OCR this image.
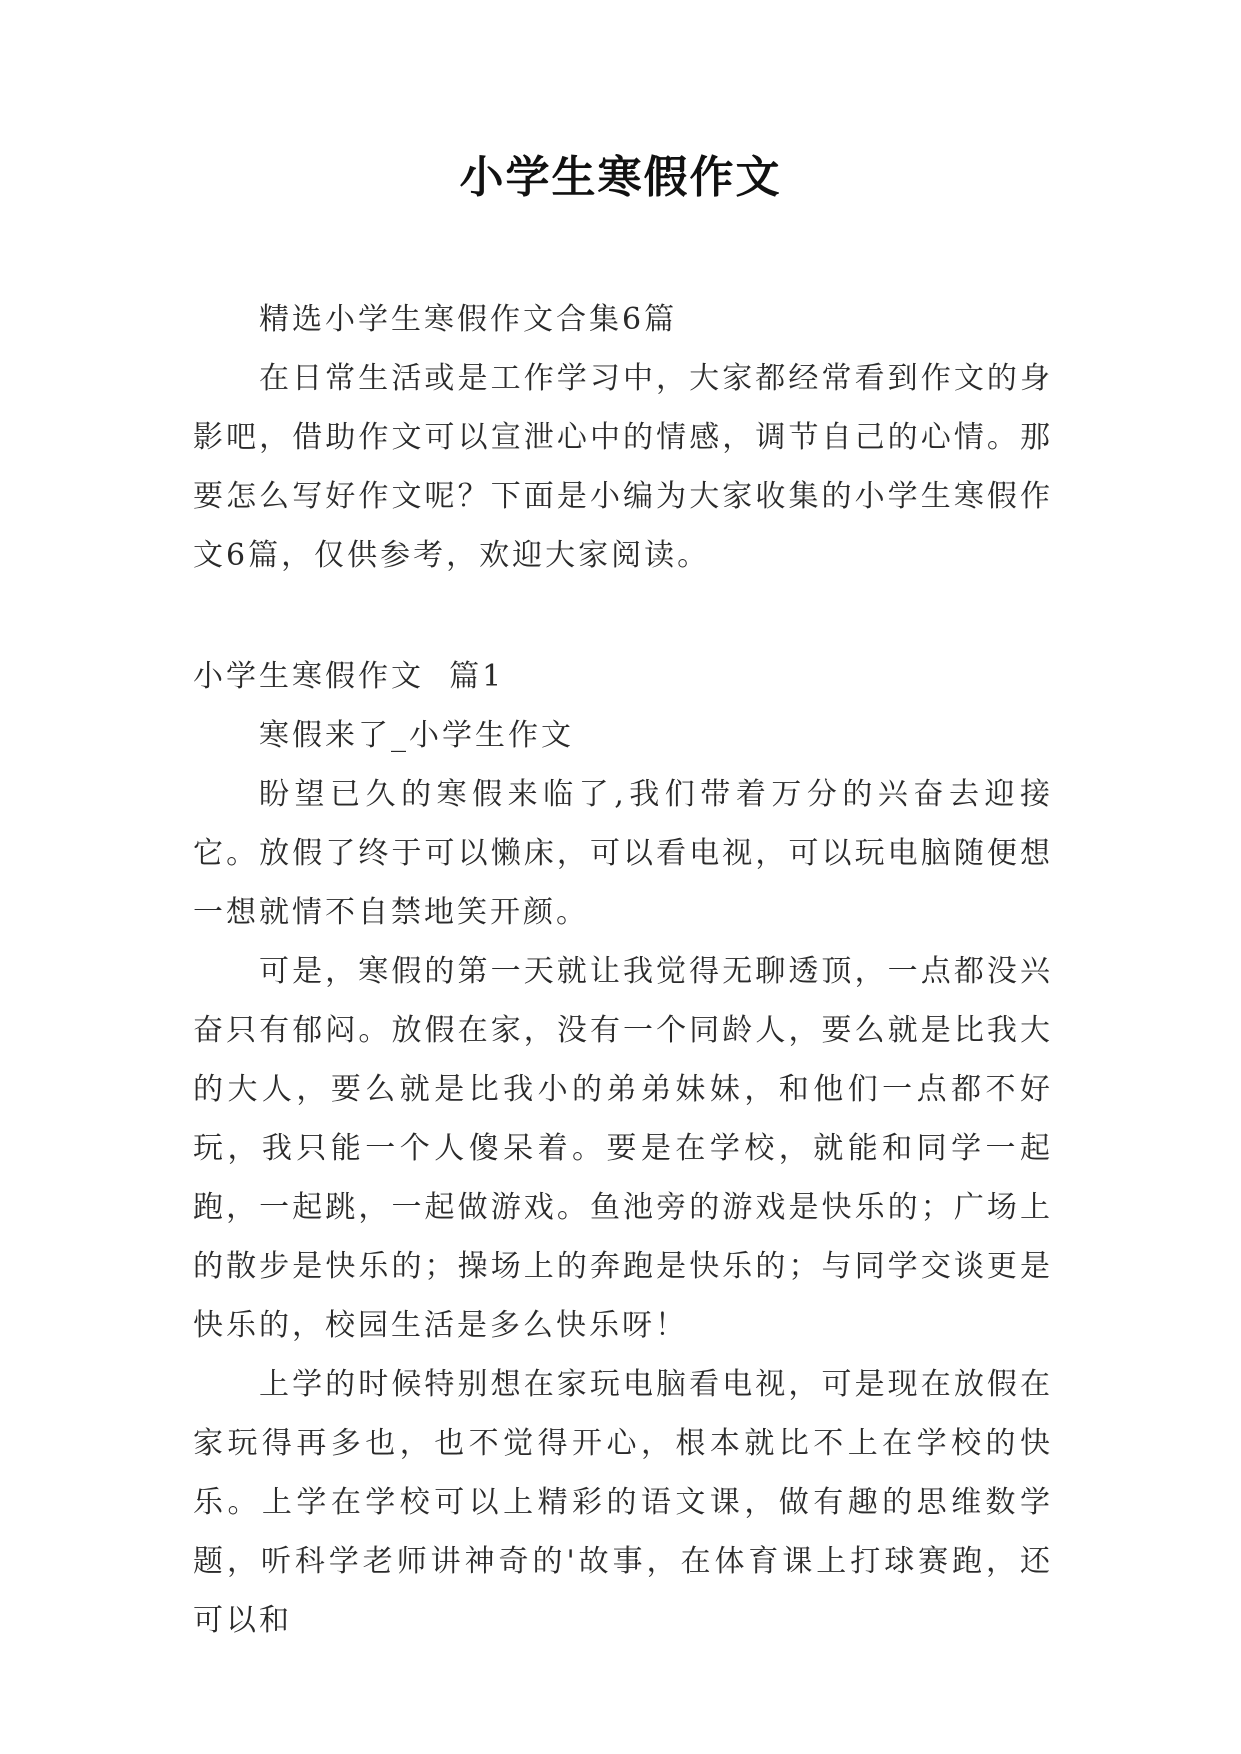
小学生寒假作文

精选小学生寒假作文合集6篇

在日常生活或是工作学习中，大家都经常看到作文的身影吧，借助作文可以宣泄心中的情感，调节自己的心情。那要怎么写好作文呢？下面是小编为大家收集的小学生寒假作文6篇，仅供参考，欢迎大家阅读。

小学生寒假作文  篇1

寒假来了_小学生作文

盼望已久的寒假来临了,我们带着万分的兴奋去迎接它。放假了终于可以懒床，可以看电视，可以玩电脑随便想一想就情不自禁地笑开颜。

可是，寒假的第一天就让我觉得无聊透顶，一点都没兴奋只有郁闷。放假在家，没有一个同龄人，要么就是比我大的大人，要么就是比我小的弟弟妹妹，和他们一点都不好玩，我只能一个人傻呆着。要是在学校，就能和同学一起跑，一起跳，一起做游戏。鱼池旁的游戏是快乐的；广场上的散步是快乐的；操场上的奔跑是快乐的；与同学交谈更是快乐的，校园生活是多么快乐呀！

上学的时候特别想在家玩电脑看电视，可是现在放假在家玩得再多也，也不觉得开心，根本就比不上在学校的快乐。上学在学校可以上精彩的语文课，做有趣的思维数学题，听科学老师讲神奇的'故事，在体育课上打球赛跑，还可以和
